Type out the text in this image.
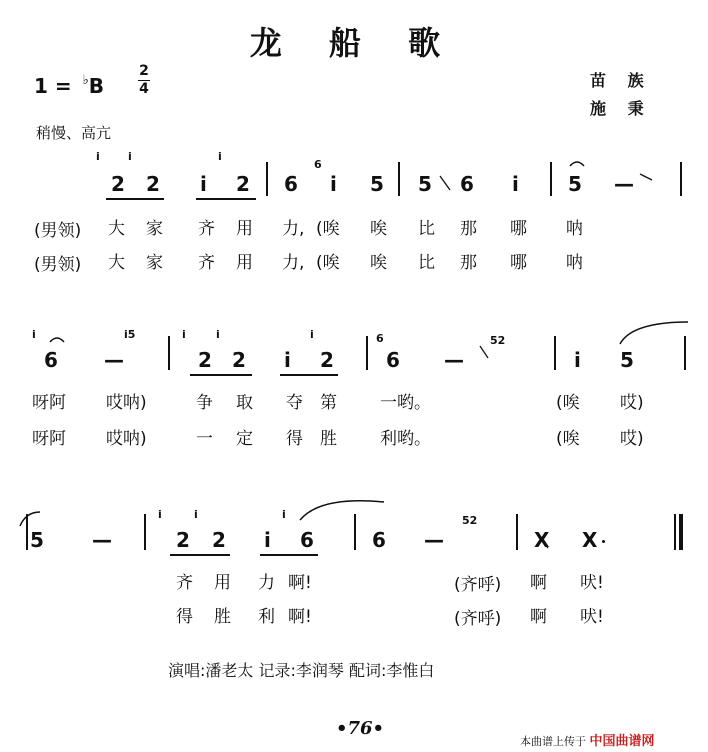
龙 船 歌
1 = ♭B
2
4	苗 族
施 秉
稍慢、高亢
i	i
2 2
i
i 2 6
6
i 5 5 6 i 5 —
(男领) 大 家 齐 用 力, (唉 唉 比 那 哪 呐
(男领) 大 家 齐 用 力, (唉 唉 比 那 哪 呐
i
6 —
i5	i	i
2 2 i
i
2
6
6 —
52
i 5
呀阿 哎呐)	争 取 夺 第	一哟。	(唉 哎)
呀阿 哎呐)	一 定 得 胜	利哟。	(唉 哎)
5 —
i	i
2 2 i
i
6	6 —
52
X X
齐 用 力 啊!	(齐呼) 啊 吠!
得 胜 利 啊!	(齐呼) 啊 吠!
演唱:潘老太 记录:李润琴 配词:李惟白
•76•
本曲谱上传于 中国曲谱网
